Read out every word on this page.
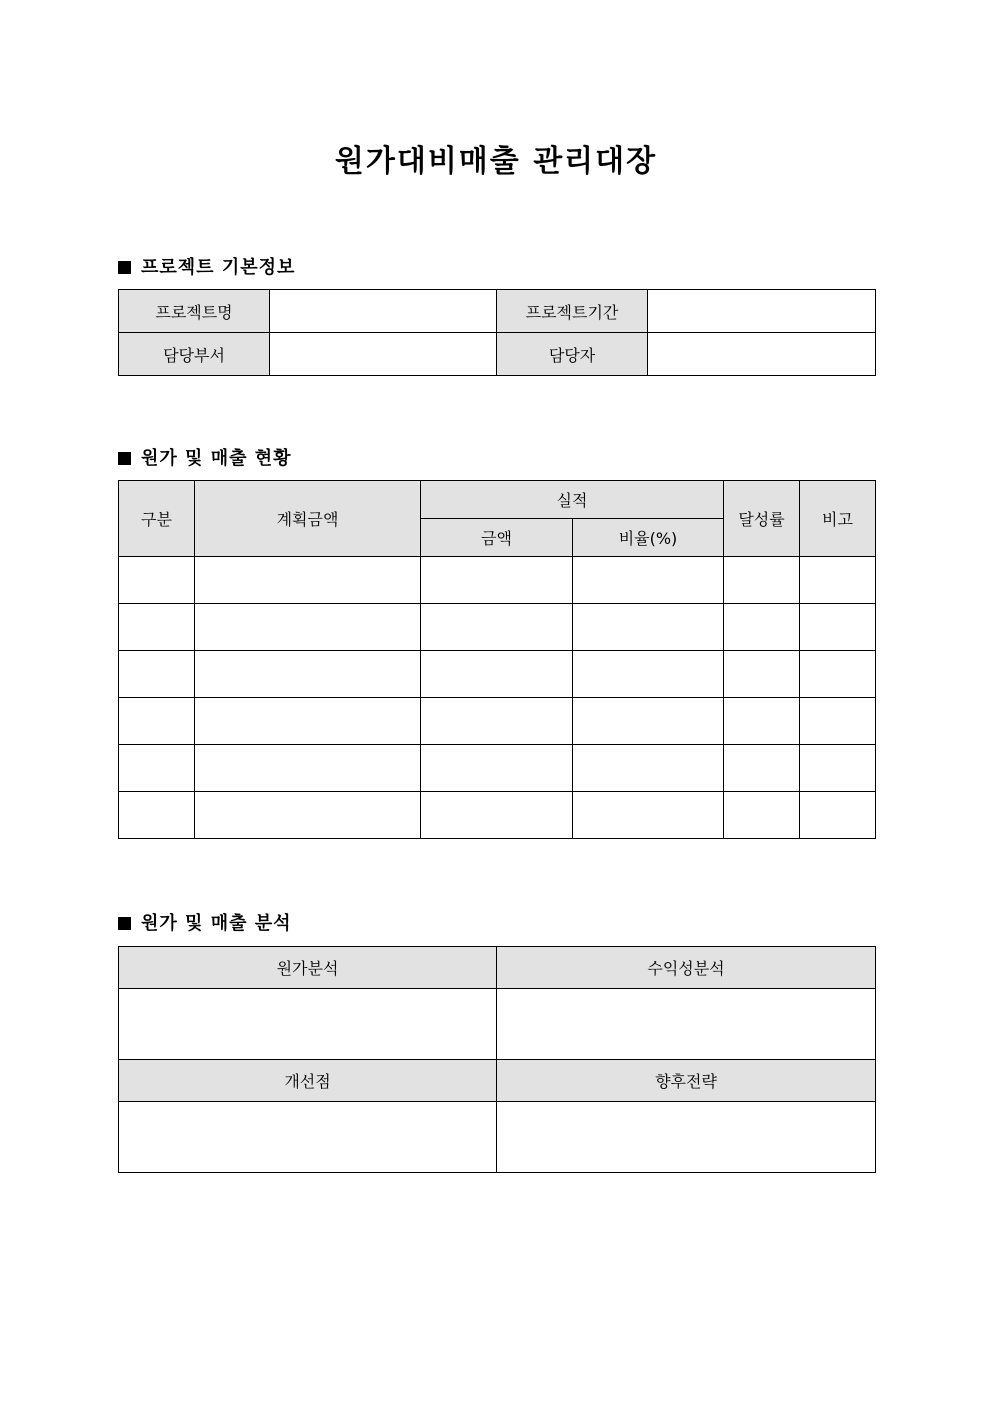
원가대비매출 관리대장
프로젝트 기본정보
프로젝트명		프로젝트기간	
담당부서		담당자	
원가 및 매출 현황
구분	계획금액	실적		달성률	비고
		금액	비율(%)		

원가 및 매출 분석
원가분석	수익성분석

개선점	향후전략
